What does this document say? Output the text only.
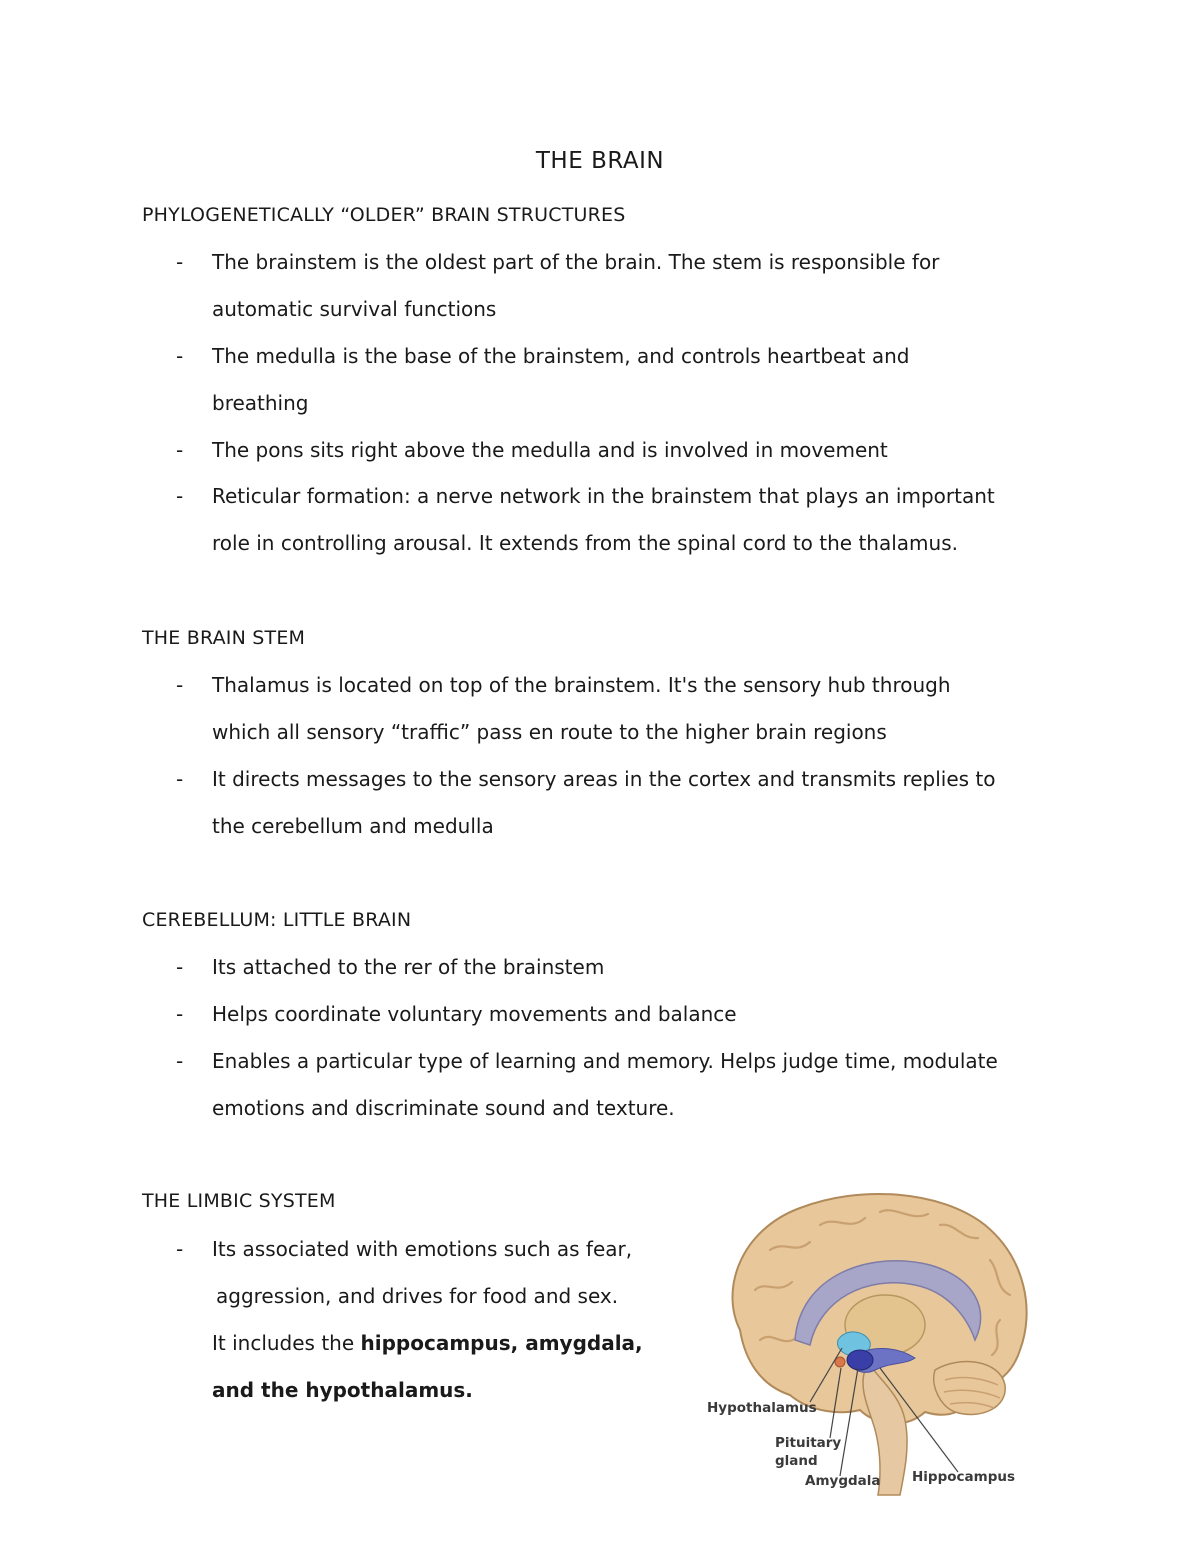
THE BRAIN
PHYLOGENETICALLY “OLDER” BRAIN STRUCTURES
- The brainstem is the oldest part of the brain. The stem is responsible for
automatic survival functions
- The medulla is the base of the brainstem, and controls heartbeat and
breathing
- The pons sits right above the medulla and is involved in movement
- Reticular formation: a nerve network in the brainstem that plays an important
role in controlling arousal. It extends from the spinal cord to the thalamus.
THE BRAIN STEM
- Thalamus is located on top of the brainstem. It's the sensory hub through
which all sensory “traffic” pass en route to the higher brain regions
- It directs messages to the sensory areas in the cortex and transmits replies to
the cerebellum and medulla
CEREBELLUM: LITTLE BRAIN
- Its attached to the rer of the brainstem
- Helps coordinate voluntary movements and balance
- Enables a particular type of learning and memory. Helps judge time, modulate
emotions and discriminate sound and texture.
THE LIMBIC SYSTEM
- Its associated with emotions such as fear,
aggression, and drives for food and sex.
It includes the hippocampus, amygdala,
and the hypothalamus.
Hypothalamus
Pituitary
gland
Amygdala Hippocampus
